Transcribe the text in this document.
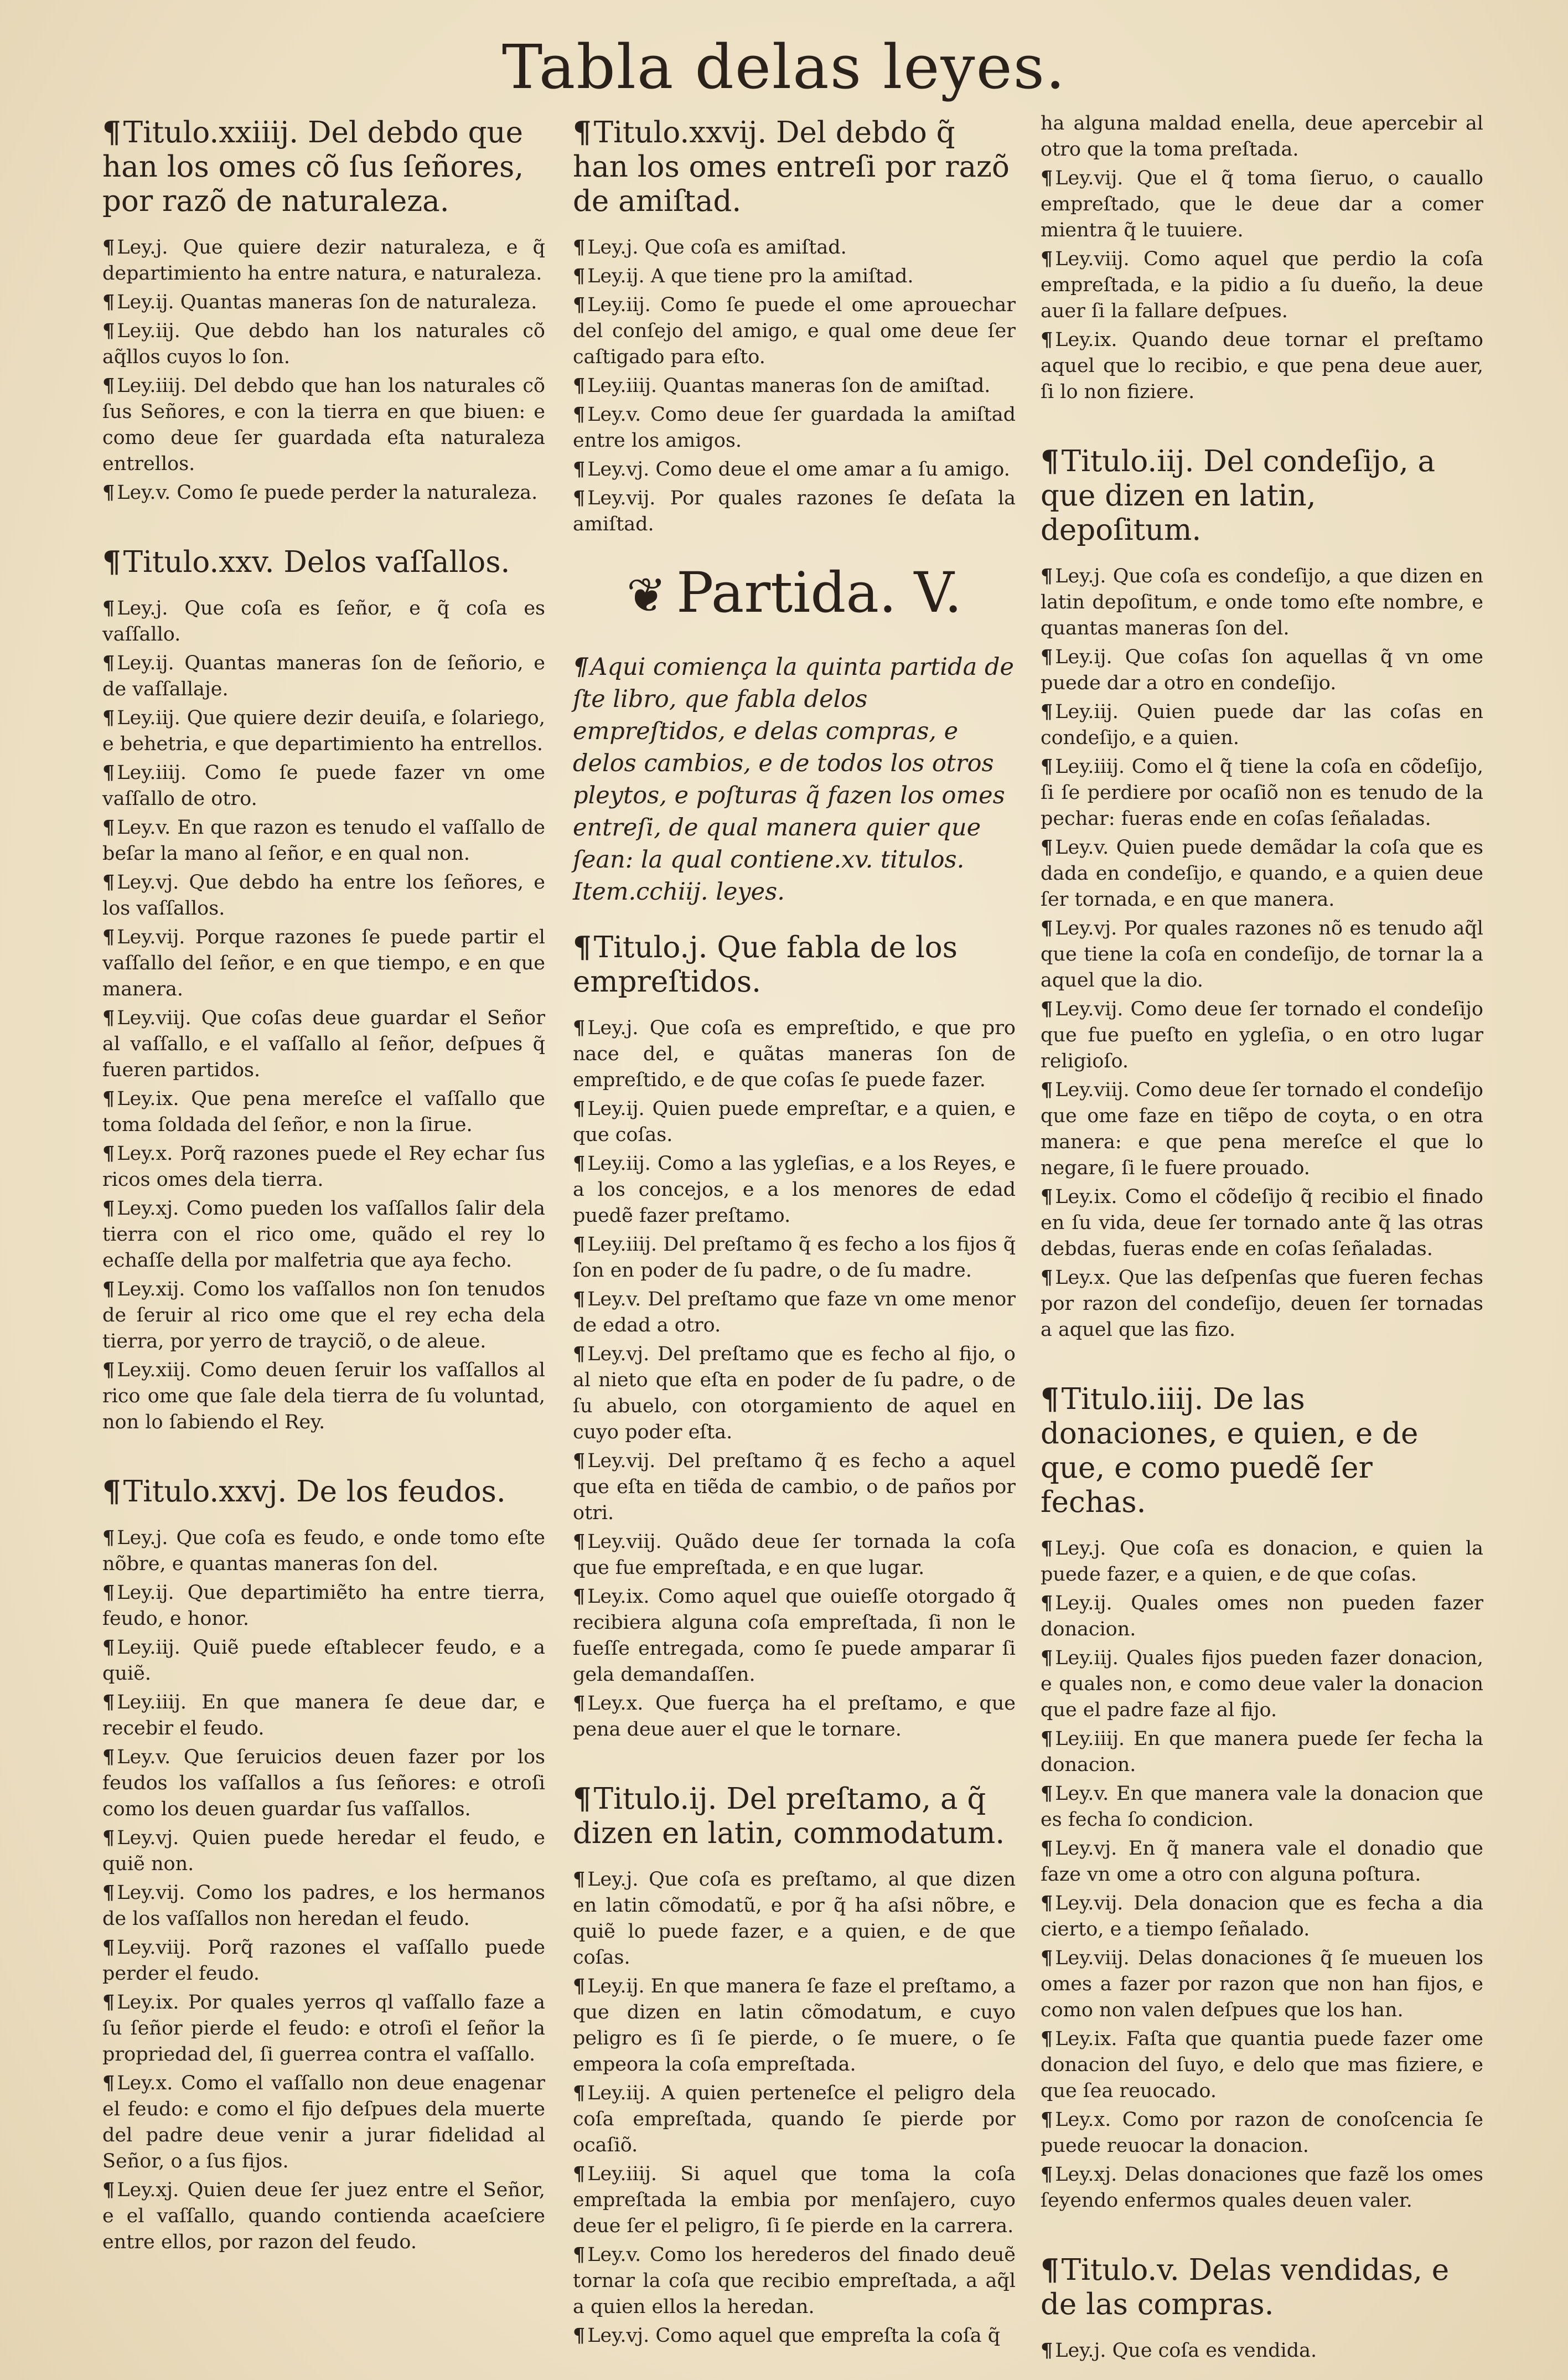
Tabla delas leyes.
¶Titulo.xxiiij. Del debdo que han los omes cõ ſus ſeñores, por razõ de naturaleza.
¶ Ley.j. Que quiere dezir naturaleza, e q̃ departimiento ha entre natura, e naturaleza.
¶ Ley.ij. Quantas maneras ſon de naturaleza.
¶ Ley.iij. Que debdo han los naturales cõ aq̃llos cuyos lo ſon.
¶ Ley.iiij. Del debdo que han los naturales cõ ſus Señores, e con la tierra en que biuen: e como deue ſer guardada eſta naturaleza entrellos.
¶ Ley.v. Como ſe puede perder la naturaleza.
¶Titulo.xxv. Delos vaſſallos.
¶ Ley.j. Que coſa es ſeñor, e q̃ coſa es vaſſallo.
¶ Ley.ij. Quantas maneras ſon de ſeñorio, e de vaſſallaje.
¶ Ley.iij. Que quiere dezir deuiſa, e ſolariego, e behetria, e que departimiento ha entrellos.
¶ Ley.iiij. Como ſe puede fazer vn ome vaſſallo de otro.
¶ Ley.v. En que razon es tenudo el vaſſallo de beſar la mano al ſeñor, e en qual non.
¶ Ley.vj. Que debdo ha entre los ſeñores, e los vaſſallos.
¶ Ley.vij. Porque razones ſe puede partir el vaſſallo del ſeñor, e en que tiempo, e en que manera.
¶ Ley.viij. Que coſas deue guardar el Señor al vaſſallo, e el vaſſallo al ſeñor, deſpues q̃ fueren partidos.
¶ Ley.ix. Que pena mereſce el vaſſallo que toma ſoldada del ſeñor, e non la ſirue.
¶ Ley.x. Porq̃ razones puede el Rey echar ſus ricos omes dela tierra.
¶ Ley.xj. Como pueden los vaſſallos ſalir dela tierra con el rico ome, quãdo el rey lo echaſſe della por malfetria que aya fecho.
¶ Ley.xij. Como los vaſſallos non ſon tenudos de ſeruir al rico ome que el rey echa dela tierra, por yerro de trayciõ, o de aleue.
¶ Ley.xiij. Como deuen ſeruir los vaſſallos al rico ome que ſale dela tierra de ſu voluntad, non lo ſabiendo el Rey.
¶Titulo.xxvj. De los feudos.
¶ Ley.j. Que coſa es feudo, e onde tomo eſte nõbre, e quantas maneras ſon del.
¶ Ley.ij. Que departimiẽto ha entre tierra, feudo, e honor.
¶ Ley.iij. Quiẽ puede eſtablecer feudo, e a quiẽ.
¶ Ley.iiij. En que manera ſe deue dar, e recebir el feudo.
¶ Ley.v. Que ſeruicios deuen fazer por los feudos los vaſſallos a ſus ſeñores: e otroſi como los deuen guardar ſus vaſſallos.
¶ Ley.vj. Quien puede heredar el feudo, e quiẽ non.
¶ Ley.vij. Como los padres, e los hermanos de los vaſſallos non heredan el feudo.
¶ Ley.viij. Porq̃ razones el vaſſallo puede perder el feudo.
¶ Ley.ix. Por quales yerros ql vaſſallo faze a ſu ſeñor pierde el feudo: e otroſi el ſeñor la propriedad del, ſi guerrea contra el vaſſallo.
¶ Ley.x. Como el vaſſallo non deue enagenar el feudo: e como el fijo deſpues dela muerte del padre deue venir a jurar fidelidad al Señor, o a ſus fijos.
¶ Ley.xj. Quien deue ſer juez entre el Señor, e el vaſſallo, quando contienda acaeſciere entre ellos, por razon del feudo.
¶Titulo.xxvij. Del debdo q̃ han los omes entreſi por razõ de amiſtad.
¶ Ley.j. Que coſa es amiſtad.
¶ Ley.ij. A que tiene pro la amiſtad.
¶ Ley.iij. Como ſe puede el ome aprouechar del conſejo del amigo, e qual ome deue ſer caſtigado para eſto.
¶ Ley.iiij. Quantas maneras ſon de amiſtad.
¶ Ley.v. Como deue ſer guardada la amiſtad entre los amigos.
¶ Ley.vj. Como deue el ome amar a ſu amigo.
¶ Ley.vij. Por quales razones ſe deſata la amiſtad.
❦ Partida. V.
¶Aqui comiença la quinta partida de ſte libro, que fabla delos empreſtidos, e delas compras, e delos cambios, e de todos los otros pleytos, e poſturas q̃ fazen los omes entreſi, de qual manera quier que ſean: la qual contiene.xv. titulos. Item.cchiij. leyes.
¶Titulo.j. Que fabla de los empreſtidos.
¶ Ley.j. Que coſa es empreſtido, e que pro nace del, e quãtas maneras ſon de empreſtido, e de que coſas ſe puede fazer.
¶ Ley.ij. Quien puede empreſtar, e a quien, e que coſas.
¶ Ley.iij. Como a las ygleſias, e a los Reyes, e a los concejos, e a los menores de edad puedẽ fazer preſtamo.
¶ Ley.iiij. Del preſtamo q̃ es fecho a los fijos q̃ ſon en poder de ſu padre, o de ſu madre.
¶ Ley.v. Del preſtamo que faze vn ome menor de edad a otro.
¶ Ley.vj. Del preſtamo que es fecho al fijo, o al nieto que eſta en poder de ſu padre, o de ſu abuelo, con otorgamiento de aquel en cuyo poder eſta.
¶ Ley.vij. Del preſtamo q̃ es fecho a aquel que eſta en tiẽda de cambio, o de paños por otri.
¶ Ley.viij. Quãdo deue ſer tornada la coſa que fue empreſtada, e en que lugar.
¶ Ley.ix. Como aquel que ouieſſe otorgado q̃ recibiera alguna coſa empreſtada, ſi non le fueſſe entregada, como ſe puede amparar ſi gela demandaſſen.
¶ Ley.x. Que fuerça ha el preſtamo, e que pena deue auer el que le tornare.
¶Titulo.ij. Del preſtamo, a q̃ dizen en latin, commodatum.
¶ Ley.j. Que coſa es preſtamo, al que dizen en latin cõmodatũ, e por q̃ ha aſsi nõbre, e quiẽ lo puede fazer, e a quien, e de que coſas.
¶ Ley.ij. En que manera ſe faze el preſtamo, a que dizen en latin cõmodatum, e cuyo peligro es ſi ſe pierde, o ſe muere, o ſe empeora la coſa empreſtada.
¶ Ley.iij. A quien perteneſce el peligro dela coſa empreſtada, quando ſe pierde por ocaſiõ.
¶ Ley.iiij. Si aquel que toma la coſa empreſtada la embia por menſajero, cuyo deue ſer el peligro, ſi ſe pierde en la carrera.
¶ Ley.v. Como los herederos del finado deuẽ tornar la coſa que recibio empreſtada, a aq̃l a quien ellos la heredan.
¶ Ley.vj. Como aquel que empreſta la coſa q̃
ha alguna maldad enella, deue apercebir al otro que la toma preſtada.
¶ Ley.vij. Que el q̃ toma ſieruo, o cauallo empreſtado, que le deue dar a comer mientra q̃ le tuuiere.
¶ Ley.viij. Como aquel que perdio la coſa empreſtada, e la pidio a ſu dueño, la deue auer ſi la fallare deſpues.
¶ Ley.ix. Quando deue tornar el preſtamo aquel que lo recibio, e que pena deue auer, ſi lo non fiziere.
¶Titulo.iij. Del condeſijo, a que dizen en latin, depoſitum.
¶ Ley.j. Que coſa es condeſijo, a que dizen en latin depoſitum, e onde tomo eſte nombre, e quantas maneras ſon del.
¶ Ley.ij. Que coſas ſon aquellas q̃ vn ome puede dar a otro en condeſijo.
¶ Ley.iij. Quien puede dar las coſas en condeſijo, e a quien.
¶ Ley.iiij. Como el q̃ tiene la coſa en cõdeſijo, ſi ſe perdiere por ocaſiõ non es tenudo de la pechar: fueras ende en coſas ſeñaladas.
¶ Ley.v. Quien puede demãdar la coſa que es dada en condeſijo, e quando, e a quien deue ſer tornada, e en que manera.
¶ Ley.vj. Por quales razones nõ es tenudo aq̃l que tiene la coſa en condeſijo, de tornar la a aquel que la dio.
¶ Ley.vij. Como deue ſer tornado el condeſijo que fue pueſto en ygleſia, o en otro lugar religioſo.
¶ Ley.viij. Como deue ſer tornado el condeſijo que ome faze en tiẽpo de coyta, o en otra manera: e que pena mereſce el que lo negare, ſi le fuere prouado.
¶ Ley.ix. Como el cõdeſijo q̃ recibio el finado en ſu vida, deue ſer tornado ante q̃ las otras debdas, fueras ende en coſas ſeñaladas.
¶ Ley.x. Que las deſpenſas que fueren fechas por razon del condeſijo, deuen ſer tornadas a aquel que las fizo.
¶Titulo.iiij. De las donaciones, e quien, e de que, e como puedẽ ſer fechas.
¶ Ley.j. Que coſa es donacion, e quien la puede fazer, e a quien, e de que coſas.
¶ Ley.ij. Quales omes non pueden fazer donacion.
¶ Ley.iij. Quales fijos pueden fazer donacion, e quales non, e como deue valer la donacion que el padre faze al fijo.
¶ Ley.iiij. En que manera puede ſer fecha la donacion.
¶ Ley.v. En que manera vale la donacion que es fecha ſo condicion.
¶ Ley.vj. En q̃ manera vale el donadio que faze vn ome a otro con alguna poſtura.
¶ Ley.vij. Dela donacion que es fecha a dia cierto, e a tiempo ſeñalado.
¶ Ley.viij. Delas donaciones q̃ ſe mueuen los omes a fazer por razon que non han fijos, e como non valen deſpues que los han.
¶ Ley.ix. Faſta que quantia puede fazer ome donacion del ſuyo, e delo que mas fiziere, e que ſea reuocado.
¶ Ley.x. Como por razon de conoſcencia ſe puede reuocar la donacion.
¶ Ley.xj. Delas donaciones que fazẽ los omes ſeyendo enfermos quales deuen valer.
¶Titulo.v. Delas vendidas, e de las compras.
¶ Ley.j. Que coſa es vendida.
